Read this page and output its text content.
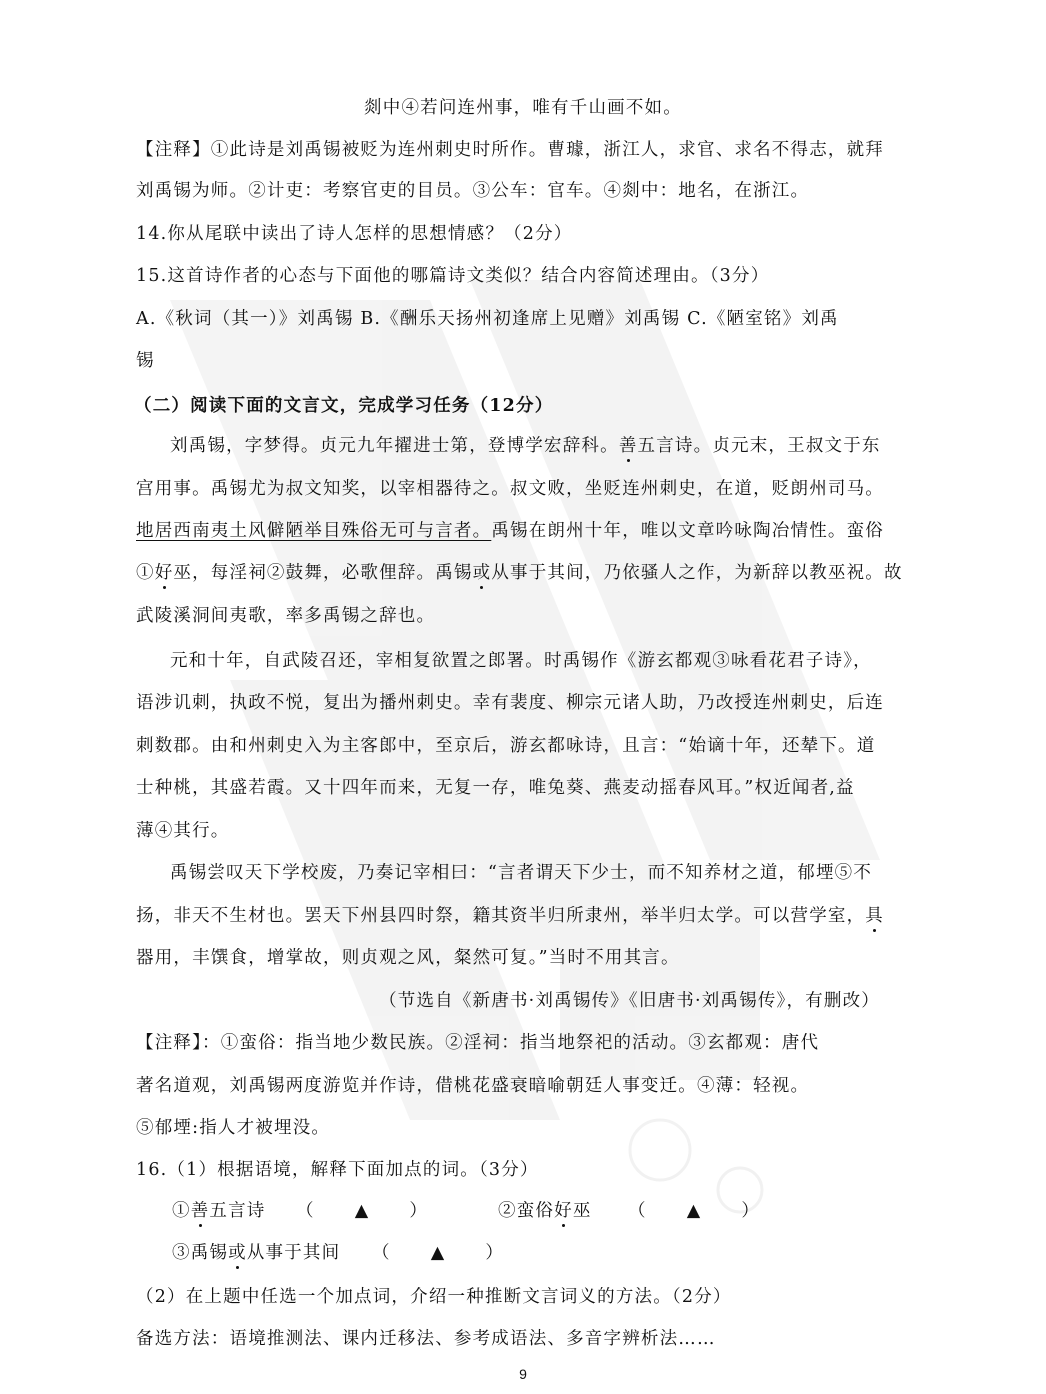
剡中④若问连州事，唯有千山画不如。
【注释】①此诗是刘禹锡被贬为连州刺史时所作。曹璩，浙江人，求官、求名不得志，就拜
刘禹锡为师。②计吏：考察官吏的目员。③公车：官车。④剡中：地名，在浙江。
14.你从尾联中读出了诗人怎样的思想情感？（2分）
15.这首诗作者的心态与下面他的哪篇诗文类似？结合内容简述理由。（3分）
A.《秋词（其一）》刘禹锡 B.《酬乐天扬州初逢席上见赠》刘禹锡 C.《陋室铭》刘禹
锡
（二）阅读下面的文言文，完成学习任务（12分）
刘禹锡，字梦得。贞元九年擢进士第，登博学宏辞科。善五言诗。贞元末，王叔文于东
宫用事。禹锡尤为叔文知奖，以宰相器待之。叔文败，坐贬连州刺史，在道，贬朗州司马。
地居西南夷土风僻陋举目殊俗无可与言者。禹锡在朗州十年，唯以文章吟咏陶冶情性。蛮俗
①好巫，每淫祠②鼓舞，必歌俚辞。禹锡或从事于其间，乃依骚人之作，为新辞以教巫祝。故
武陵溪洞间夷歌，率多禹锡之辞也。
元和十年，自武陵召还，宰相复欲置之郎署。时禹锡作《游玄都观③咏看花君子诗》，
语涉讥刺，执政不悦，复出为播州刺史。幸有裴度、柳宗元诸人助，乃改授连州刺史，后连
刺数郡。由和州刺史入为主客郎中，至京后，游玄都咏诗，且言：“始谪十年，还辇下。道
士种桃，其盛若霞。又十四年而来，无复一存，唯兔葵、燕麦动摇春风耳。”权近闻者,益
薄④其行。
禹锡尝叹天下学校废，乃奏记宰相曰：“言者谓天下少士，而不知养材之道，郁堙⑤不
扬，非天不生材也。罢天下州县四时祭，籍其资半归所隶州，举半归太学。可以营学室，具
器用，丰馔食，增掌故，则贞观之风，粲然可复。”当时不用其言。
（节选自《新唐书·刘禹锡传》《旧唐书·刘禹锡传》，有删改）
【注释】：①蛮俗：指当地少数民族。②淫祠：指当地祭祀的活动。③玄都观：唐代
著名道观，刘禹锡两度游览并作诗，借桃花盛衰暗喻朝廷人事变迁。④薄：轻视。
⑤郁堙:指人才被埋没。
16.（1）根据语境，解释下面加点的词。（3分）
①善五言诗 （ ▲ ）	②蛮俗好巫 （ ▲ ）
③禹锡或从事于其间 （ ▲ ）
（2）在上题中任选一个加点词，介绍一种推断文言词义的方法。（2分）
备选方法：语境推测法、课内迁移法、参考成语法、多音字辨析法……
9
